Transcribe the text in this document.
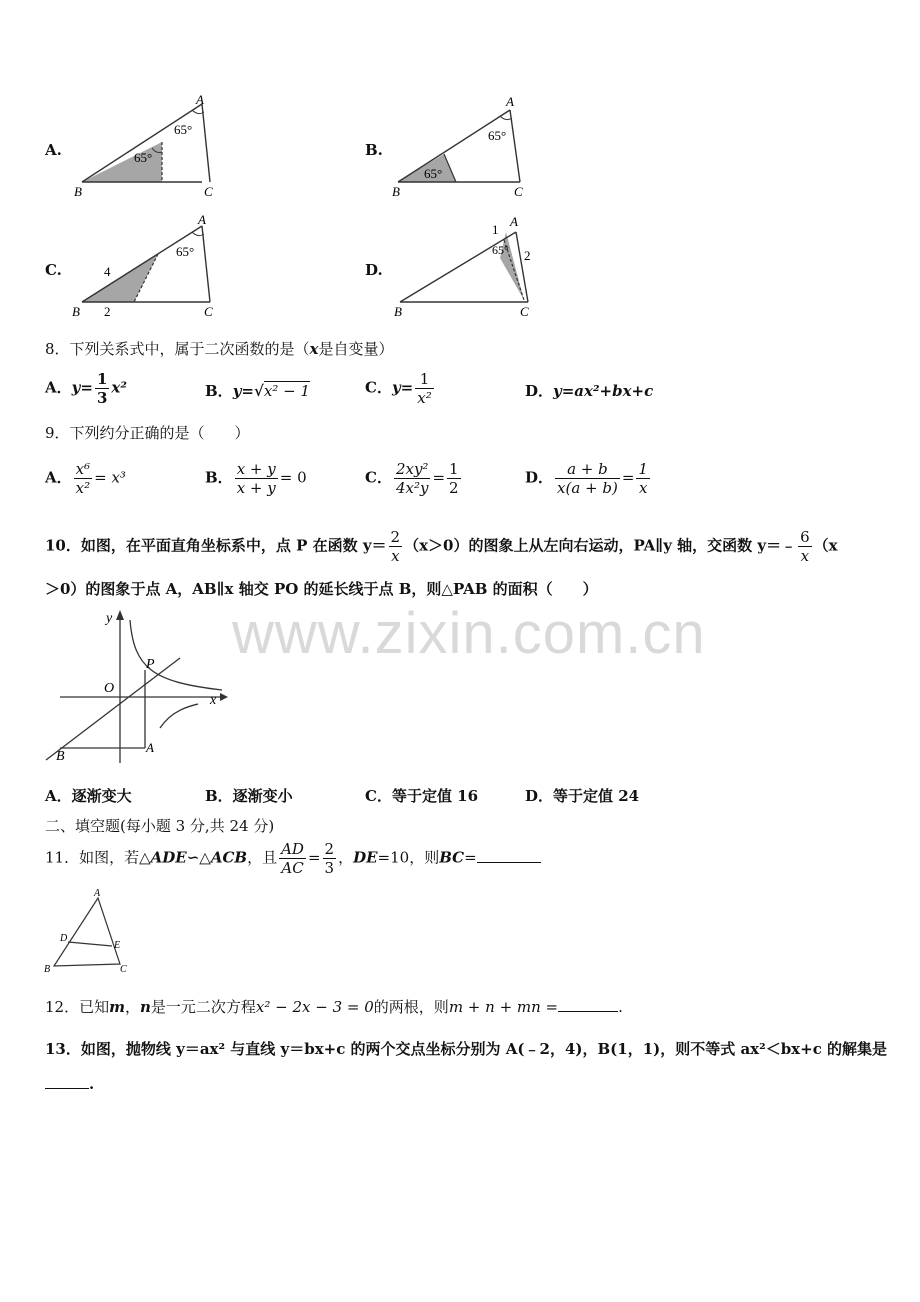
www.zixin.com.cn
A.
65°
65°
A
B	C
B.
65°
65°
A
B	C
C.
65°
4
2
A
B	C
D.
65°
1
2
A
B	C
8．下列关系式中，属于二次函数的是（x是自变量）
A．$y= \frac{1}{3} x^2$	B．y=√x² − 1	C．$y= \frac{1}{\text{x²}}$	D．y=ax²+bx+c
9．下列约分正确的是（　　）
A． $\frac{\text{x⁶}}{\text{x²}} = x^3$	B． $\frac{x + y}{x + y} = 0$	C． $\frac{\text{2xy²}}{\text{4x²y}} = \frac{1}{2}$	D． $\frac{a + b}{x(a + b)} = \frac{1}{x}$
10．如图，在平面直角坐标系中，点 P 在函数 $y= \frac{2}{x} (x>0)$的图象上从左向右运动，PA∥y 轴，交函数 y＝﹣ $\frac{6}{x} (x$
＞0）的图象于点 A，AB∥x 轴交 PO 的延长线于点 B，则△PAB 的面积（　　）
y
x
O
P
A
B
A．逐渐变大	B．逐渐变小	C．等于定值 16	D．等于定值 24
二、填空题(每小题 3 分,共 24 分)
11．如图，若△ADE∽△ACB，且 $\frac{AD}{AC} = \frac{2}{3}$ ，DE=10，则BC=
A
B	C
D
E
12．已知m，n是一元二次方程x² − 2x − 3 = 0的两根，则m + n + mn =	.
13．如图，抛物线 y＝ax² 与直线 y＝bx+c 的两个交点坐标分别为 A(﹣2，4)，B(1，1)，则不等式 ax²＜bx+c 的解集是
.
